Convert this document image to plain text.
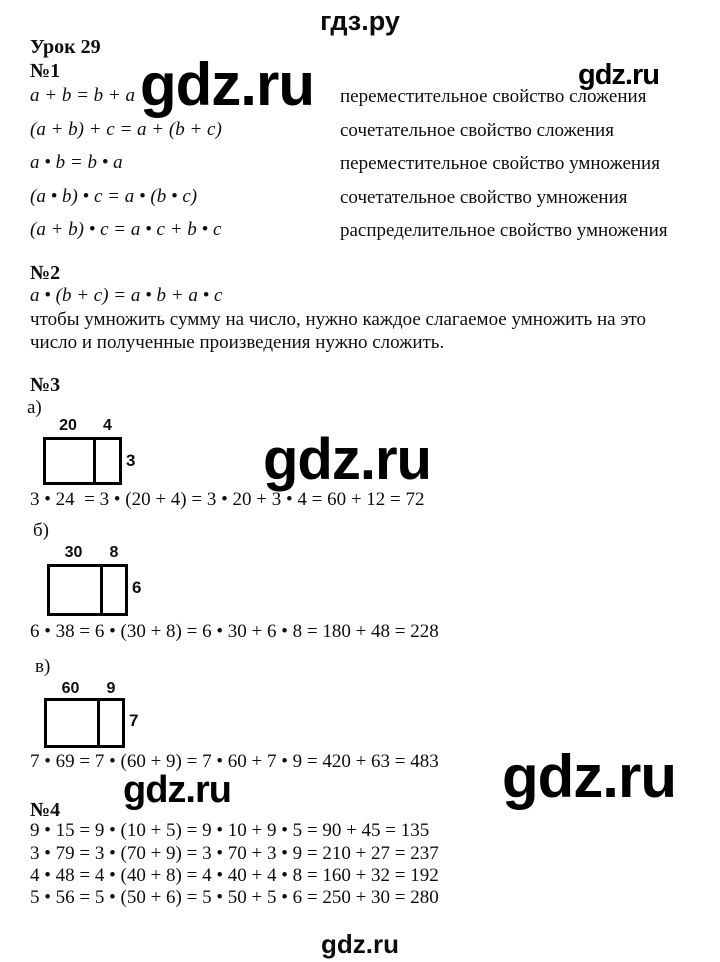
гдз.ру
gdz.ru
Урок 29
№1 gdz.ru	gdz.ru
a + b = b + a	переместительное свойство сложения
(a + b) + c = a + (b + c)	сочетательное свойство сложения
a • b = b • a	переместительное свойство умножения
(a • b) • c = a • (b • c)	сочетательное свойство умножения
(a + b) • c = a • c + b • c	распределительное свойство умножения
№2
a • (b + c) = a • b + a • c
чтобы умножить сумму на число, нужно каждое слагаемое умножить на это
число и полученные произведения нужно сложить.
№3
а)
20	4
3 gdz.ru
3 • 24  = 3 • (20 + 4) = 3 • 20 + 3 • 4 = 60 + 12 = 72
б)
30	8
6
6 • 38 = 6 • (30 + 8) = 6 • 30 + 6 • 8 = 180 + 48 = 228
в)
60	9
7
7 • 69 = 7 • (60 + 9) = 7 • 60 + 7 • 9 = 420 + 63 = 483 gdz.ru
gdz.ru
№4
9 • 15 = 9 • (10 + 5) = 9 • 10 + 9 • 5 = 90 + 45 = 135
3 • 79 = 3 • (70 + 9) = 3 • 70 + 3 • 9 = 210 + 27 = 237
4 • 48 = 4 • (40 + 8) = 4 • 40 + 4 • 8 = 160 + 32 = 192
5 • 56 = 5 • (50 + 6) = 5 • 50 + 5 • 6 = 250 + 30 = 280
